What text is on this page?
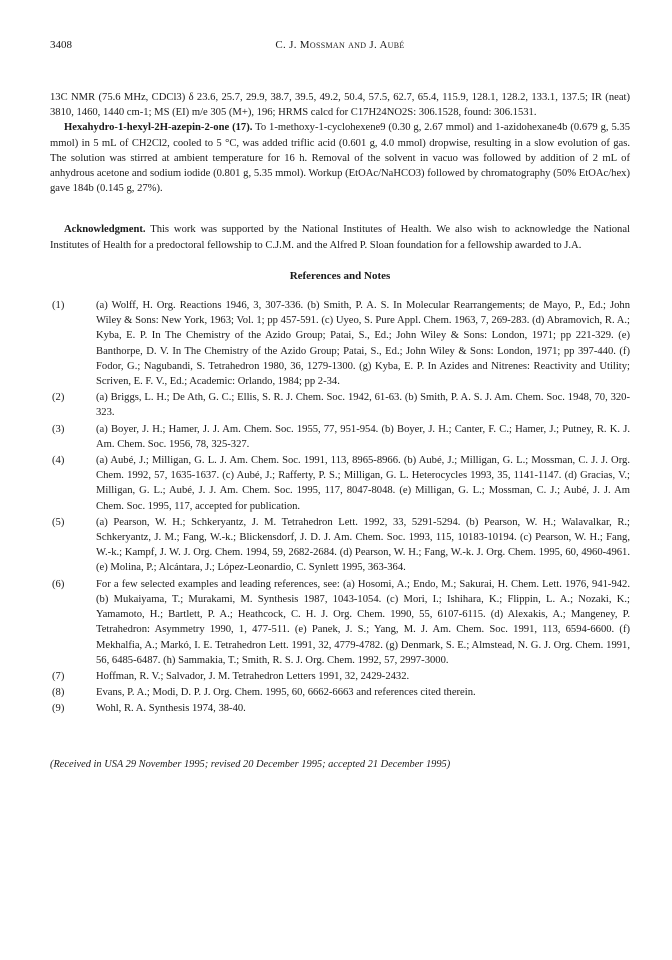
3408	C. J. Mossman and J. Aubé

13C NMR (75.6 MHz, CDCl3) δ 23.6, 25.7, 29.9, 38.7, 39.5, 49.2, 50.4, 57.5, 62.7, 65.4, 115.9, 128.1, 128.2, 133.1, 137.5; IR (neat) 3810, 1460, 1440 cm-1; MS (EI) m/e 305 (M+), 196; HRMS calcd for C17H24NO2S: 306.1528, found: 306.1531.

Hexahydro-1-hexyl-2H-azepin-2-one (17). To 1-methoxy-1-cyclohexene9 (0.30 g, 2.67 mmol) and 1-azidohexane4b (0.679 g, 5.35 mmol) in 5 mL of CH2Cl2, cooled to 5 °C, was added triflic acid (0.601 g, 4.0 mmol) dropwise, resulting in a slow evolution of gas. The solution was stirred at ambient temperature for 16 h. Removal of the solvent in vacuo was followed by addition of 2 mL of anhydrous acetone and sodium iodide (0.801 g, 5.35 mmol). Workup (EtOAc/NaHCO3) followed by chromatography (50% EtOAc/hex) gave 184b (0.145 g, 27%).

Acknowledgment. This work was supported by the National Institutes of Health. We also wish to acknowledge the National Institutes of Health for a predoctoral fellowship to C.J.M. and the Alfred P. Sloan foundation for a fellowship awarded to J.A.

References and Notes
(1)	(a) Wolff, H. Org. Reactions 1946, 3, 307-336. (b) Smith, P. A. S. In Molecular Rearrangements; de Mayo, P., Ed.; John Wiley & Sons: New York, 1963; Vol. 1; pp 457-591. (c) Uyeo, S. Pure Appl. Chem. 1963, 7, 269-283. (d) Abramovich, R. A.; Kyba, E. P. In The Chemistry of the Azido Group; Patai, S., Ed.; John Wiley & Sons: London, 1971; pp 221-329. (e) Banthorpe, D. V. In The Chemistry of the Azido Group; Patai, S., Ed.; John Wiley & Sons: London, 1971; pp 397-440. (f) Fodor, G.; Nagubandi, S. Tetrahedron 1980, 36, 1279-1300. (g) Kyba, E. P. In Azides and Nitrenes: Reactivity and Utility; Scriven, E. F. V., Ed.; Academic: Orlando, 1984; pp 2-34.
(2)	(a) Briggs, L. H.; De Ath, G. C.; Ellis, S. R. J. Chem. Soc. 1942, 61-63. (b) Smith, P. A. S. J. Am. Chem. Soc. 1948, 70, 320-323.
(3)	(a) Boyer, J. H.; Hamer, J. J. Am. Chem. Soc. 1955, 77, 951-954. (b) Boyer, J. H.; Canter, F. C.; Hamer, J.; Putney, R. K. J. Am. Chem. Soc. 1956, 78, 325-327.
(4)	(a) Aubé, J.; Milligan, G. L. J. Am. Chem. Soc. 1991, 113, 8965-8966. (b) Aubé, J.; Milligan, G. L.; Mossman, C. J. J. Org. Chem. 1992, 57, 1635-1637. (c) Aubé, J.; Rafferty, P. S.; Milligan, G. L. Heterocycles 1993, 35, 1141-1147. (d) Gracias, V.; Milligan, G. L.; Aubé, J. J. Am. Chem. Soc. 1995, 117, 8047-8048. (e) Milligan, G. L.; Mossman, C. J.; Aubé, J. J. Am Chem. Soc. 1995, 117, accepted for publication.
(5)	(a) Pearson, W. H.; Schkeryantz, J. M. Tetrahedron Lett. 1992, 33, 5291-5294. (b) Pearson, W. H.; Walavalkar, R.; Schkeryantz, J. M.; Fang, W.-k.; Blickensdorf, J. D. J. Am. Chem. Soc. 1993, 115, 10183-10194. (c) Pearson, W. H.; Fang, W.-k.; Kampf, J. W. J. Org. Chem. 1994, 59, 2682-2684. (d) Pearson, W. H.; Fang, W.-k. J. Org. Chem. 1995, 60, 4960-4961. (e) Molina, P.; Alcántara, J.; López-Leonardio, C. Synlett 1995, 363-364.
(6)	For a few selected examples and leading references, see: (a) Hosomi, A.; Endo, M.; Sakurai, H. Chem. Lett. 1976, 941-942. (b) Mukaiyama, T.; Murakami, M. Synthesis 1987, 1043-1054. (c) Mori, I.; Ishihara, K.; Flippin, L. A.; Nozaki, K.; Yamamoto, H.; Bartlett, P. A.; Heathcock, C. H. J. Org. Chem. 1990, 55, 6107-6115. (d) Alexakis, A.; Mangeney, P. Tetrahedron: Asymmetry 1990, 1, 477-511. (e) Panek, J. S.; Yang, M. J. Am. Chem. Soc. 1991, 113, 6594-6600. (f) Mekhalfia, A.; Markó, I. E. Tetrahedron Lett. 1991, 32, 4779-4782. (g) Denmark, S. E.; Almstead, N. G. J. Org. Chem. 1991, 56, 6485-6487. (h) Sammakia, T.; Smith, R. S. J. Org. Chem. 1992, 57, 2997-3000.
(7)	Hoffman, R. V.; Salvador, J. M. Tetrahedron Letters 1991, 32, 2429-2432.
(8)	Evans, P. A.; Modi, D. P. J. Org. Chem. 1995, 60, 6662-6663 and references cited therein.
(9)	Wohl, R. A. Synthesis 1974, 38-40.

(Received in USA 29 November 1995; revised 20 December 1995; accepted 21 December 1995)
